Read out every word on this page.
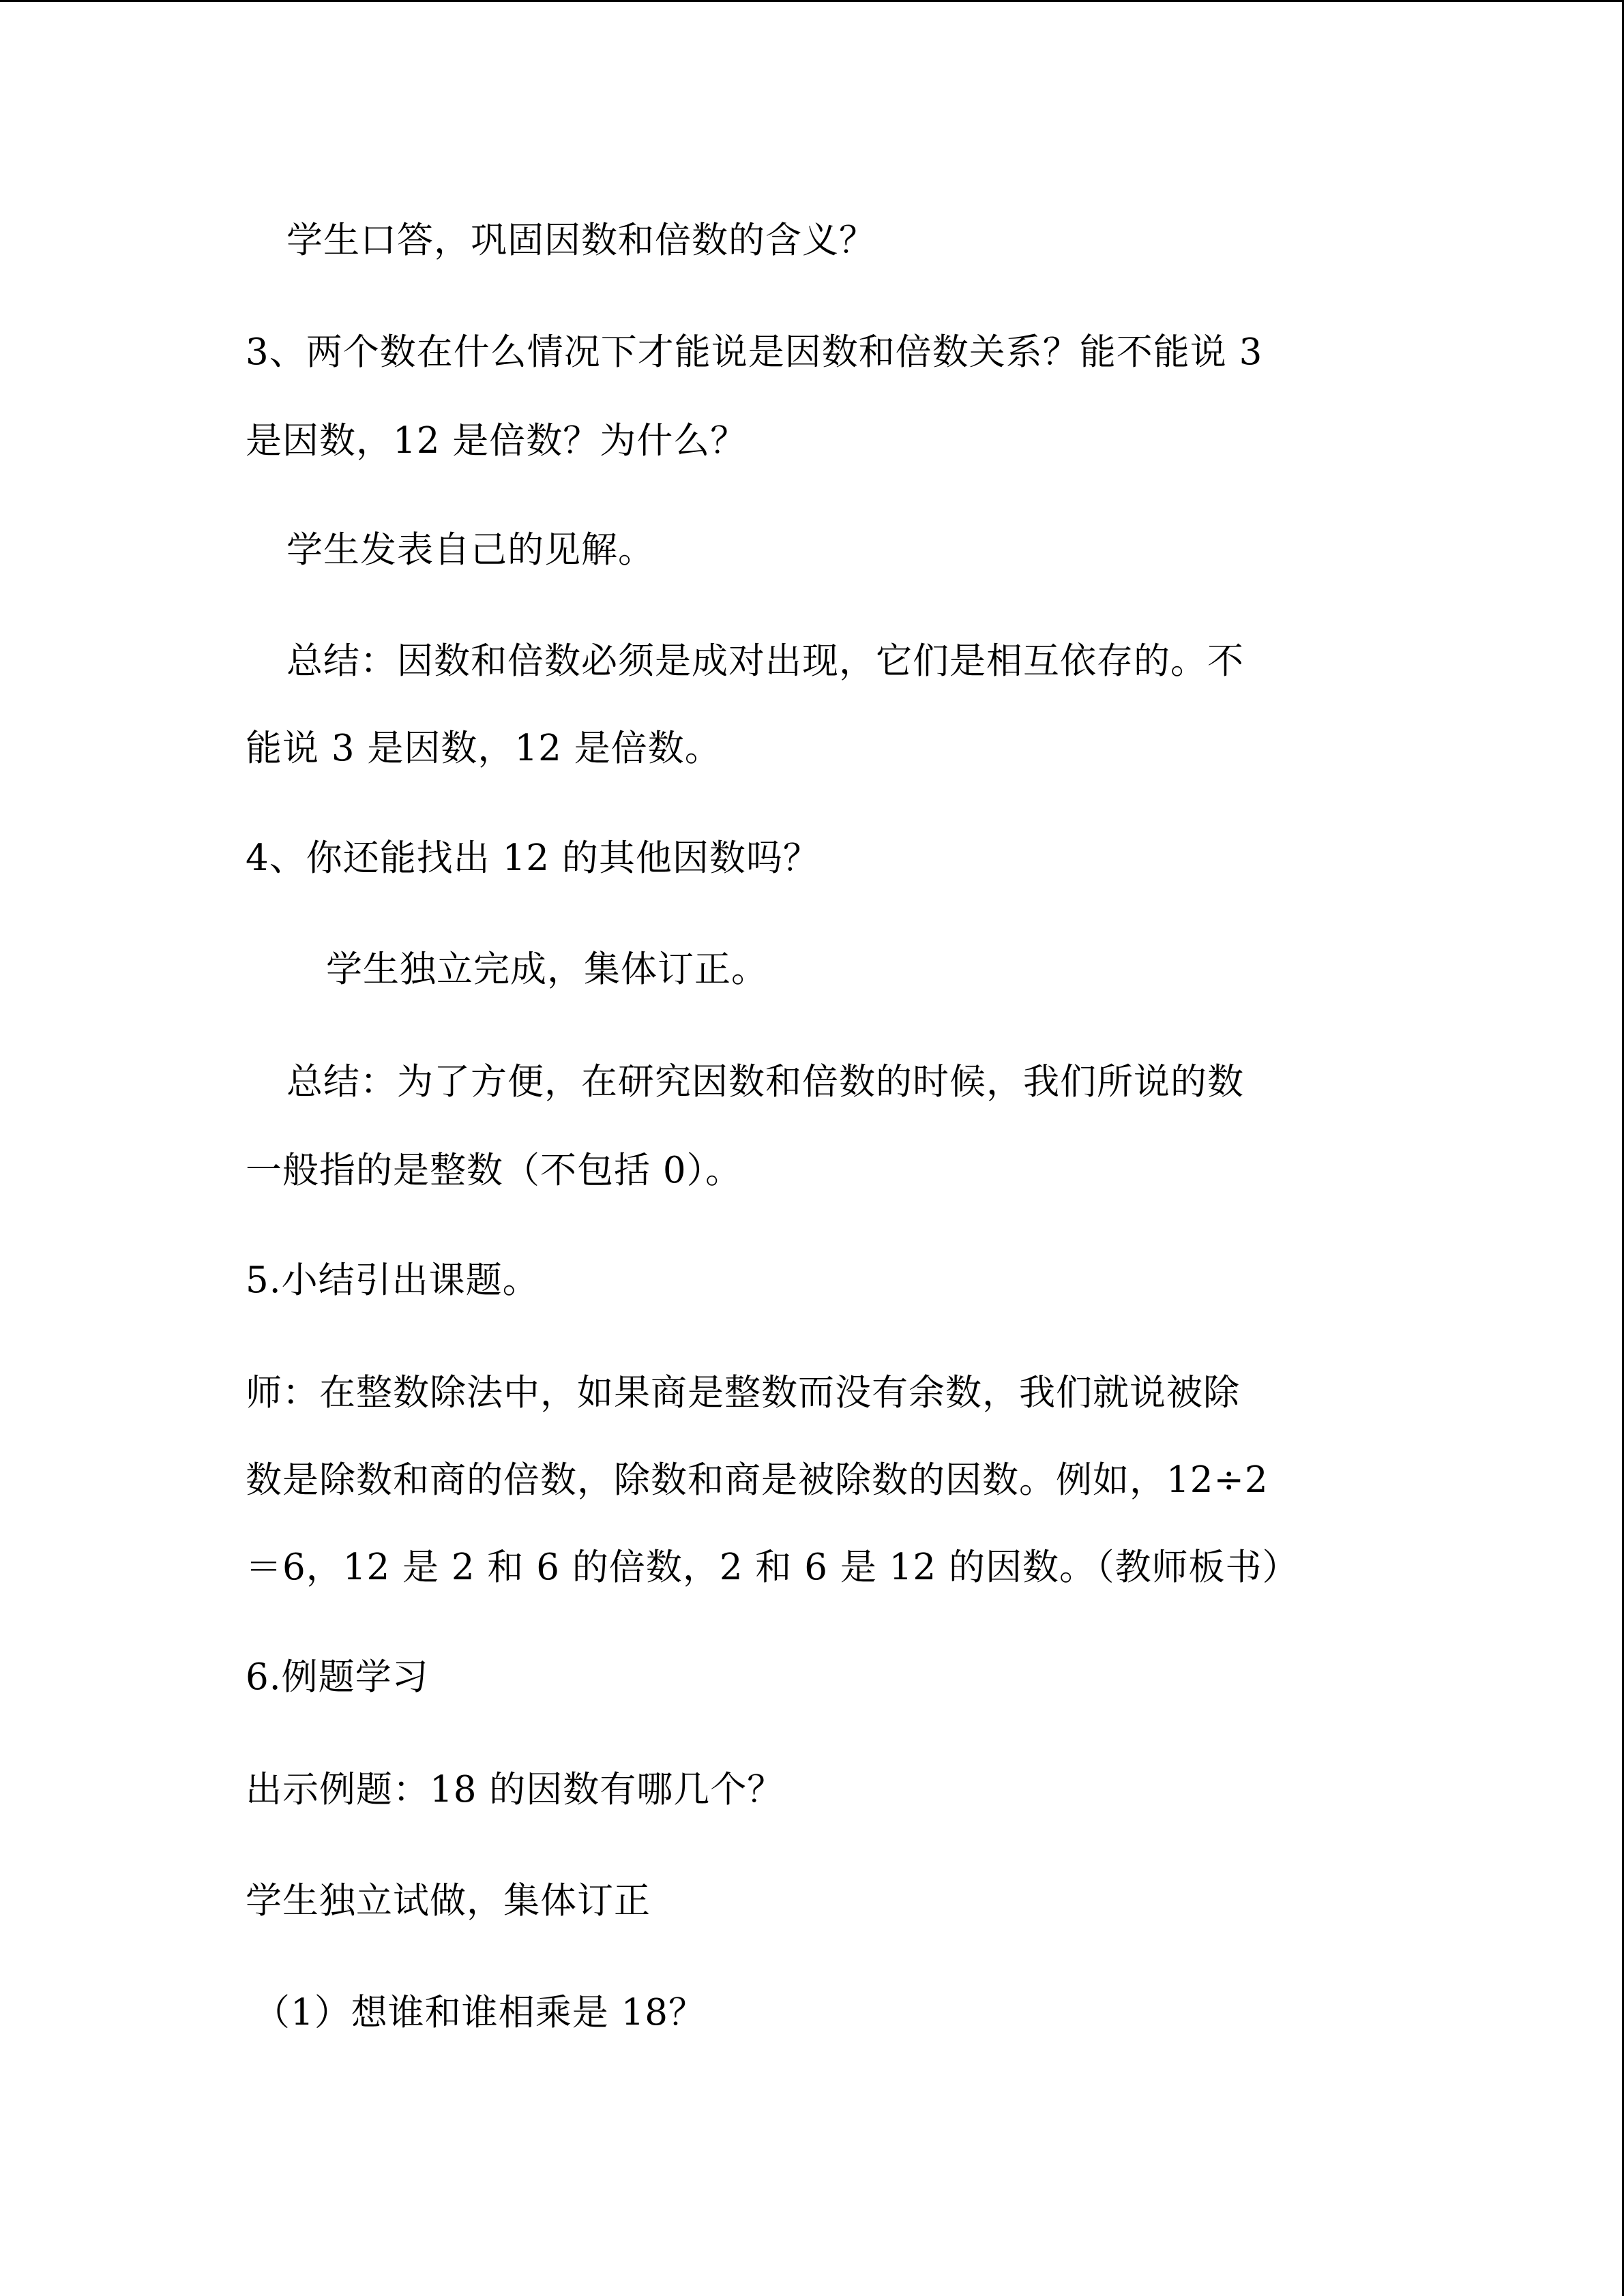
学生口答，巩固因数和倍数的含义？
3、两个数在什么情况下才能说是因数和倍数关系？能不能说 3
是因数，12 是倍数？为什么？
学生发表自己的见解。
总结：因数和倍数必须是成对出现，它们是相互依存的。不
能说 3 是因数，12 是倍数。
4、你还能找出 12 的其他因数吗？
学生独立完成，集体订正。
总结：为了方便，在研究因数和倍数的时候，我们所说的数
一般指的是整数（不包括 0）。
5.小结引出课题。
师：在整数除法中，如果商是整数而没有余数，我们就说被除
数是除数和商的倍数，除数和商是被除数的因数。例如，12÷2
＝6，12 是 2 和 6 的倍数，2 和 6 是 12 的因数。（教师板书）
6.例题学习
出示例题：18 的因数有哪几个？
学生独立试做，集体订正
（1）想谁和谁相乘是 18？
